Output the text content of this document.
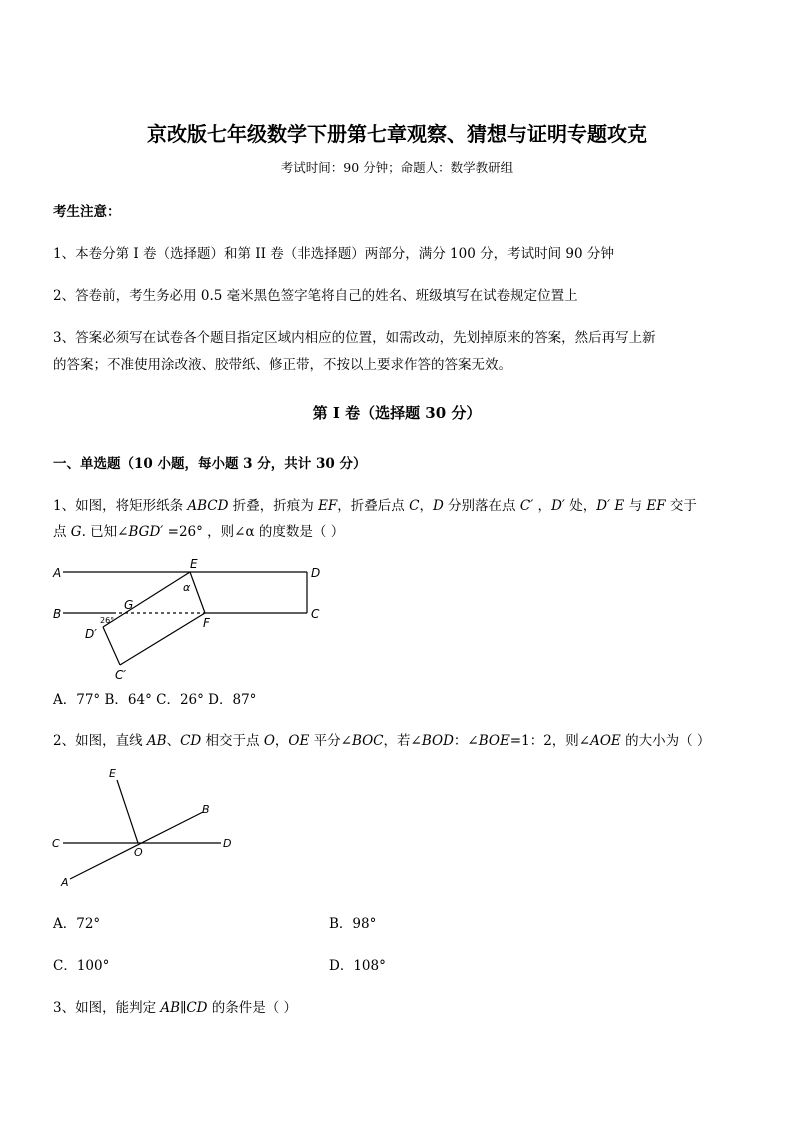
京改版七年级数学下册第七章观察、猜想与证明专题攻克
考试时间：90 分钟；命题人：数学教研组
考生注意：
1、本卷分第 I 卷（选择题）和第 II 卷（非选择题）两部分，满分 100 分，考试时间 90 分钟
2、答卷前，考生务必用 0.5 毫米黑色签字笔将自己的姓名、班级填写在试卷规定位置上
3、答案必须写在试卷各个题目指定区域内相应的位置，如需改动，先划掉原来的答案，然后再写上新
的答案；不准使用涂改液、胶带纸、修正带，不按以上要求作答的答案无效。
第 I 卷（选择题 30 分）
一、单选题（10 小题，每小题 3 分，共计 30 分）
1、如图，将矩形纸条 ABCD 折叠，折痕为 EF，折叠后点 C，D 分别落在点 C′ ，D′ 处，D′ E 与 EF 交于
点 G. 已知∠BGD′ =26° ，则∠α 的度数是（ ）
A
B
D
C
E
F
G
D′
C′
α
26°
A．77° B．64° C．26° D．87°
2、如图，直线 AB、CD 相交于点 O，OE 平分∠BOC，若∠BOD：∠BOE=1：2，则∠AOE 的大小为（ ）
E
B
C
O
D
A
A．72°	B．98°
C．100°	D．108°
3、如图，能判定 AB∥CD 的条件是（ ）
